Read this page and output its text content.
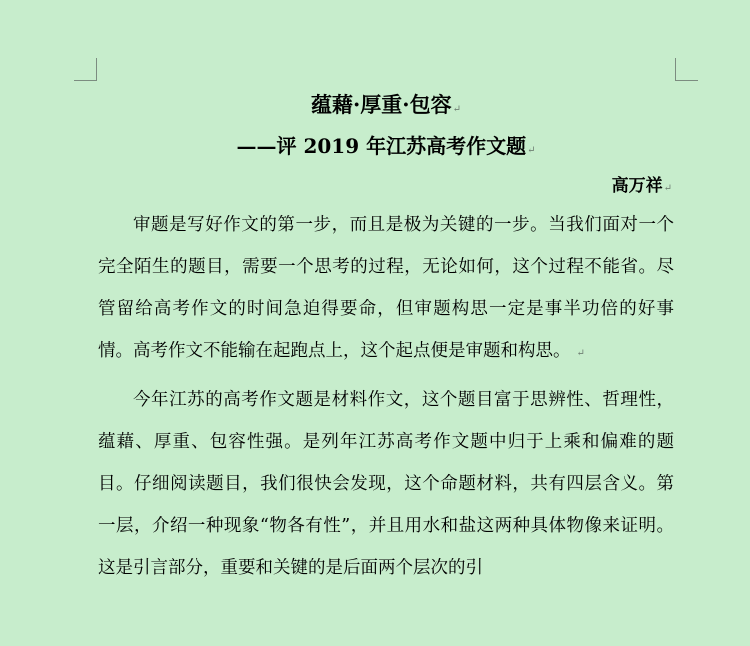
蕴藉·厚重·包容↵
——评 2019 年江苏高考作文题↵
高万祥↵

审题是写好作文的第一步，而且是极为关键的一步。当我们面对一个完全陌生的题目，需要一个思考的过程，无论如何，这个过程不能省。尽管留给高考作文的时间急迫得要命，但审题构思一定是事半功倍的好事情。高考作文不能输在起跑点上，这个起点便是审题和构思。 ↵

今年江苏的高考作文题是材料作文，这个题目富于思辨性、哲理性，蕴藉、厚重、包容性强。是列年江苏高考作文题中归于上乘和偏难的题目。仔细阅读题目，我们很快会发现，这个命题材料，共有四层含义。第一层，介绍一种现象“物各有性”，并且用水和盐这两种具体物像来证明。这是引言部分，重要和关键的是后面两个层次的引
